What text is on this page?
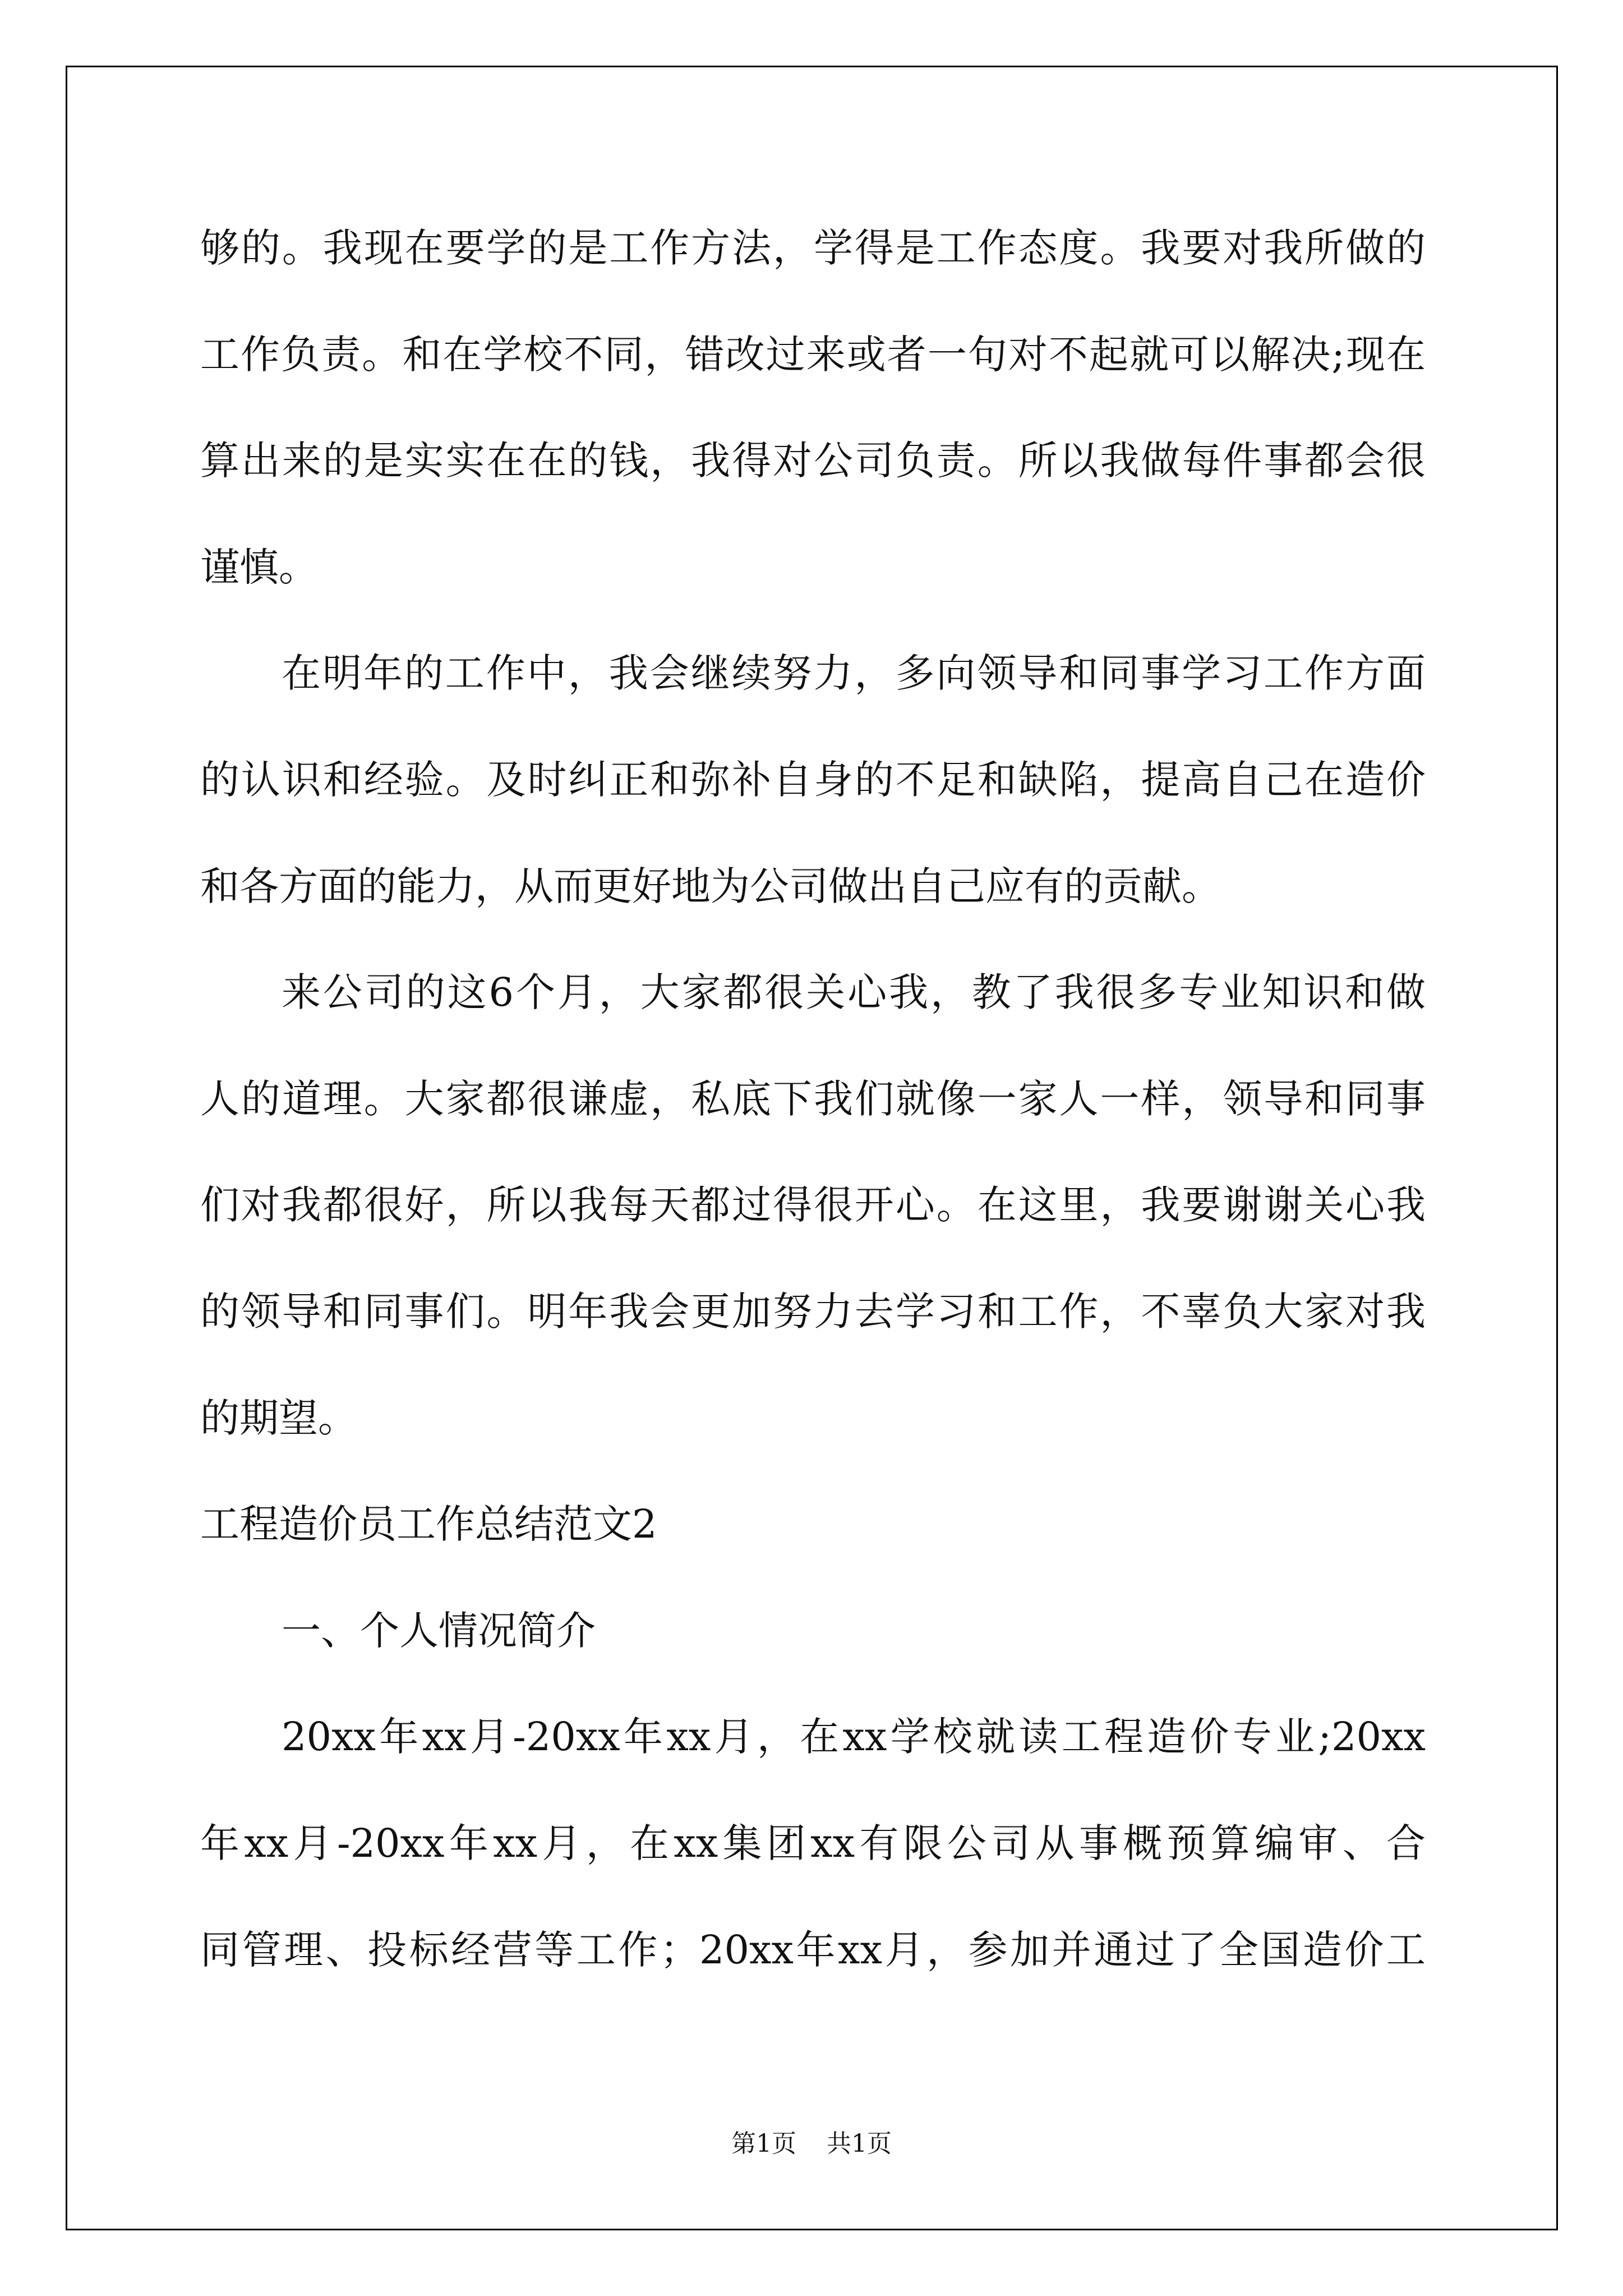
够的。我现在要学的是工作方法，学得是工作态度。我要对我所做的
工作负责。和在学校不同，错改过来或者一句对不起就可以解决;现在
算出来的是实实在在的钱，我得对公司负责。所以我做每件事都会很
谨慎。
在明年的工作中，我会继续努力，多向领导和同事学习工作方面
的认识和经验。及时纠正和弥补自身的不足和缺陷，提高自己在造价
和各方面的能力，从而更好地为公司做出自己应有的贡献。
来公司的这6个月，大家都很关心我，教了我很多专业知识和做
人的道理。大家都很谦虚，私底下我们就像一家人一样，领导和同事
们对我都很好，所以我每天都过得很开心。在这里，我要谢谢关心我
的领导和同事们。明年我会更加努力去学习和工作，不辜负大家对我
的期望。
工程造价员工作总结范文2
一、个人情况简介
20xx年xx月-20xx年xx月，在xx学校就读工程造价专业;20xx
年xx月-20xx年xx月，在xx集团xx有限公司从事概预算编审、合
同管理、投标经营等工作；20xx年xx月，参加并通过了全国造价工
第1页 共1页
